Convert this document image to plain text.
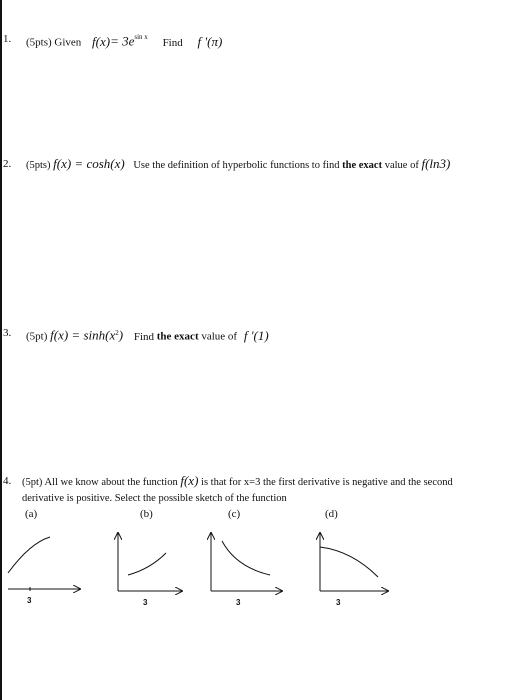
1. (5pts) Given $f(x)= 3e^{sin x}$ Find f '(π)
2. (5pts) f(x) = cosh(x) Use the definition of hyperbolic functions to find the exact value of f(ln3)
3. (5pt) $f(x) = \sinh(x^2)$ Find the exact value of f '(1)
4. (5pt) All we know about the function f(x) is that for x=3 the first derivative is negative and the second
derivative is positive. Select the possible sketch of the function
(a)	(b)	(c)	(d)
3	3	3	3
